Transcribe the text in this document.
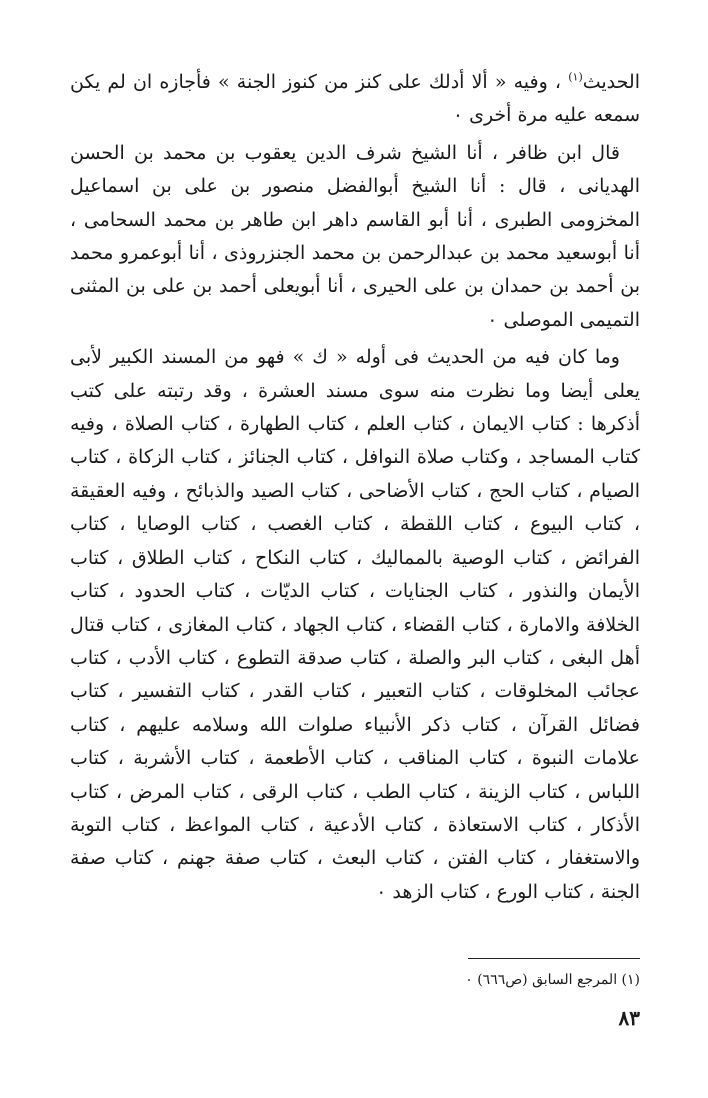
الحديث$^{(١)}$ ، وفيه « ألا أدلك على كنز من كنوز الجنة » فأجازه ان لم يكن سمعه عليه مرة أخرى ٠

قال ابن ظافر ، أنا الشيخ شرف الدين يعقوب بن محمد بن الحسن الهديانى ، قال : أنا الشيخ أبوالفضل منصور بن على بن اسماعيل المخزومى الطبرى ، أنا أبو القاسم داهر ابن طاهر بن محمد السحامى ، أنا أبوسعيد محمد بن عبدالرحمن بن محمد الجنزروذى ، أنا أبوعمرو محمد بن أحمد بن حمدان بن على الحيرى ، أنا أبويعلى أحمد بن على بن المثنى التميمى الموصلى ٠

وما كان فيه من الحديث فى أوله « ك » فهو من المسند الكبير لأبى يعلى أيضا وما نظرت منه سوى مسند العشرة ، وقد رتبته على كتب أذكرها : كتاب الايمان ، كتاب العلم ، كتاب الطهارة ، كتاب الصلاة ، وفيه كتاب المساجد ، وكتاب صلاة النوافل ، كتاب الجنائز ، كتاب الزكاة ، كتاب الصيام ، كتاب الحج ، كتاب الأضاحى ، كتاب الصيد والذبائح ، وفيه العقيقة ، كتاب البيوع ، كتاب اللقطة ، كتاب الغصب ، كتاب الوصايا ، كتاب الفرائض ، كتاب الوصية بالمماليك ، كتاب النكاح ، كتاب الطلاق ، كتاب الأيمان والنذور ، كتاب الجنايات ، كتاب الديّات ، كتاب الحدود ، كتاب الخلافة والامارة ، كتاب القضاء ، كتاب الجهاد ، كتاب المغازى ، كتاب قتال أهل البغى ، كتاب البر والصلة ، كتاب صدقة التطوع ، كتاب الأدب ، كتاب عجائب المخلوقات ، كتاب التعبير ، كتاب القدر ، كتاب التفسير ، كتاب فضائل القرآن ، كتاب ذكر الأنبياء صلوات الله وسلامه عليهم ، كتاب علامات النبوة ، كتاب المناقب ، كتاب الأطعمة ، كتاب الأشربة ، كتاب اللباس ، كتاب الزينة ، كتاب الطب ، كتاب الرقى ، كتاب المرض ، كتاب الأذكار ، كتاب الاستعاذة ، كتاب الأدعية ، كتاب المواعظ ، كتاب التوبة والاستغفار ، كتاب الفتن ، كتاب البعث ، كتاب صفة جهنم ، كتاب صفة الجنة ، كتاب الورع ، كتاب الزهد ٠

(١) المرجع السابق (ص٦٦٦) ٠

٨٣
